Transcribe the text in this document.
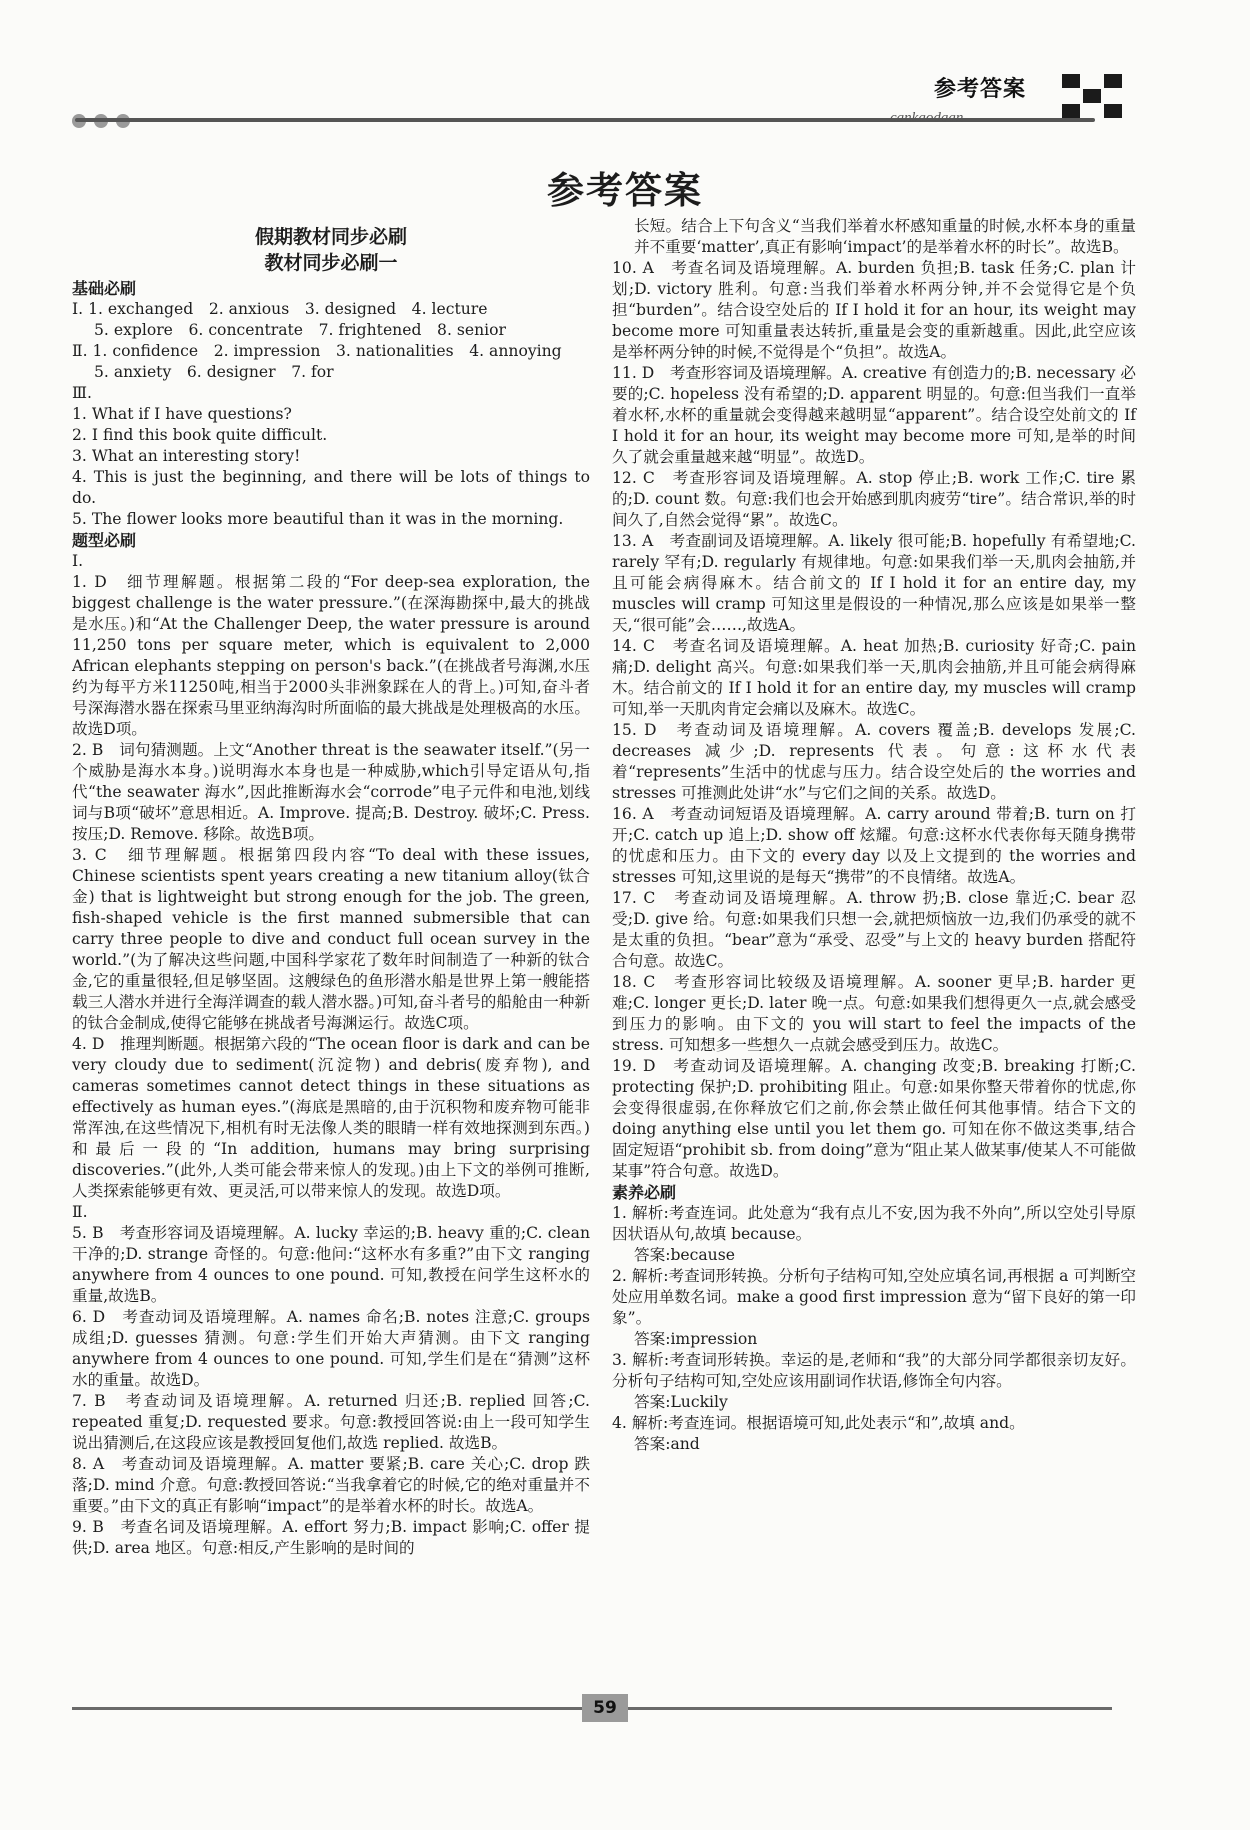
参考答案
cankaodaan
参考答案

假期教材同步必刷

教材同步必刷一

基础必刷

Ⅰ. 1. exchanged　2. anxious　3. designed　4. lecture

5. explore　6. concentrate　7. frightened　8. senior

Ⅱ. 1. confidence　2. impression　3. nationalities　4. annoying

5. anxiety　6. designer　7. for

Ⅲ.

1. What if I have questions?

2. I find this book quite difficult.

3. What an interesting story!

4. This is just the beginning, and there will be lots of things to do.

5. The flower looks more beautiful than it was in the morning.

题型必刷

Ⅰ.

1. D　细节理解题。根据第二段的“For deep-sea exploration, the biggest challenge is the water pressure.”(在深海勘探中,最大的挑战是水压。)和“At the Challenger Deep, the water pressure is around 11,250 tons per square meter, which is equivalent to 2,000 African elephants stepping on person's back.”(在挑战者号海渊,水压约为每平方米11250吨,相当于2000头非洲象踩在人的背上。)可知,奋斗者号深海潜水器在探索马里亚纳海沟时所面临的最大挑战是处理极高的水压。故选D项。

2. B　词句猜测题。上文“Another threat is the seawater itself.”(另一个威胁是海水本身。)说明海水本身也是一种威胁,which引导定语从句,指代“the seawater 海水”,因此推断海水会“corrode”电子元件和电池,划线词与B项“破坏”意思相近。A. Improve. 提高;B. Destroy. 破坏;C. Press. 按压;D. Remove. 移除。故选B项。

3. C　细节理解题。根据第四段内容“To deal with these issues, Chinese scientists spent years creating a new titanium alloy(钛合金) that is lightweight but strong enough for the job. The green, fish-shaped vehicle is the first manned submersible that can carry three people to dive and conduct full ocean survey in the world.”(为了解决这些问题,中国科学家花了数年时间制造了一种新的钛合金,它的重量很轻,但足够坚固。这艘绿色的鱼形潜水船是世界上第一艘能搭载三人潜水并进行全海洋调查的载人潜水器。)可知,奋斗者号的船舱由一种新的钛合金制成,使得它能够在挑战者号海渊运行。故选C项。

4. D　推理判断题。根据第六段的“The ocean floor is dark and can be very cloudy due to sediment(沉淀物) and debris(废弃物), and cameras sometimes cannot detect things in these situations as effectively as human eyes.”(海底是黑暗的,由于沉积物和废弃物可能非常浑浊,在这些情况下,相机有时无法像人类的眼睛一样有效地探测到东西。)和最后一段的“In addition, humans may bring surprising discoveries.”(此外,人类可能会带来惊人的发现。)由上下文的举例可推断,人类探索能够更有效、更灵活,可以带来惊人的发现。故选D项。

Ⅱ.

5. B　考查形容词及语境理解。A. lucky 幸运的;B. heavy 重的;C. clean 干净的;D. strange 奇怪的。句意:他问:“这杯水有多重?”由下文 ranging anywhere from 4 ounces to one pound. 可知,教授在问学生这杯水的重量,故选B。

6. D　考查动词及语境理解。A. names 命名;B. notes 注意;C. groups 成组;D. guesses 猜测。句意:学生们开始大声猜测。由下文 ranging anywhere from 4 ounces to one pound. 可知,学生们是在“猜测”这杯水的重量。故选D。

7. B　考查动词及语境理解。A. returned 归还;B. replied 回答;C. repeated 重复;D. requested 要求。句意:教授回答说:由上一段可知学生说出猜测后,在这段应该是教授回复他们,故选 replied. 故选B。

8. A　考查动词及语境理解。A. matter 要紧;B. care 关心;C. drop 跌落;D. mind 介意。句意:教授回答说:“当我拿着它的时候,它的绝对重量并不重要。”由下文的真正有影响“impact”的是举着水杯的时长。故选A。

9. B　考查名词及语境理解。A. effort 努力;B. impact 影响;C. offer 提供;D. area 地区。句意:相反,产生影响的是时间的

长短。结合上下句含义“当我们举着水杯感知重量的时候,水杯本身的重量并不重要‘matter’,真正有影响‘impact’的是举着水杯的时长”。故选B。

10. A　考查名词及语境理解。A. burden 负担;B. task 任务;C. plan 计划;D. victory 胜利。句意:当我们举着水杯两分钟,并不会觉得它是个负担“burden”。结合设空处后的 If I hold it for an hour, its weight may become more 可知重量表达转折,重量是会变的重新越重。因此,此空应该是举杯两分钟的时候,不觉得是个“负担”。故选A。

11. D　考查形容词及语境理解。A. creative 有创造力的;B. necessary 必要的;C. hopeless 没有希望的;D. apparent 明显的。句意:但当我们一直举着水杯,水杯的重量就会变得越来越明显“apparent”。结合设空处前文的 If I hold it for an hour, its weight may become more 可知,是举的时间久了就会重量越来越“明显”。故选D。

12. C　考查形容词及语境理解。A. stop 停止;B. work 工作;C. tire 累的;D. count 数。句意:我们也会开始感到肌肉疲劳“tire”。结合常识,举的时间久了,自然会觉得“累”。故选C。

13. A　考查副词及语境理解。A. likely 很可能;B. hopefully 有希望地;C. rarely 罕有;D. regularly 有规律地。句意:如果我们举一天,肌肉会抽筋,并且可能会病得麻木。结合前文的 If I hold it for an entire day, my muscles will cramp 可知这里是假设的一种情况,那么应该是如果举一整天,“很可能”会……,故选A。

14. C　考查名词及语境理解。A. heat 加热;B. curiosity 好奇;C. pain 痛;D. delight 高兴。句意:如果我们举一天,肌肉会抽筋,并且可能会病得麻木。结合前文的 If I hold it for an entire day, my muscles will cramp 可知,举一天肌肉肯定会痛以及麻木。故选C。

15. D　考查动词及语境理解。A. covers 覆盖;B. develops 发展;C. decreases 减少;D. represents 代表。句意:这杯水代表着“represents”生活中的忧虑与压力。结合设空处后的 the worries and stresses 可推测此处讲“水”与它们之间的关系。故选D。

16. A　考查动词短语及语境理解。A. carry around 带着;B. turn on 打开;C. catch up 追上;D. show off 炫耀。句意:这杯水代表你每天随身携带的忧虑和压力。由下文的 every day 以及上文提到的 the worries and stresses 可知,这里说的是每天“携带”的不良情绪。故选A。

17. C　考查动词及语境理解。A. throw 扔;B. close 靠近;C. bear 忍受;D. give 给。句意:如果我们只想一会,就把烦恼放一边,我们仍承受的就不是太重的负担。“bear”意为“承受、忍受”与上文的 heavy burden 搭配符合句意。故选C。

18. C　考查形容词比较级及语境理解。A. sooner 更早;B. harder 更难;C. longer 更长;D. later 晚一点。句意:如果我们想得更久一点,就会感受到压力的影响。由下文的 you will start to feel the impacts of the stress. 可知想多一些想久一点就会感受到压力。故选C。

19. D　考查动词及语境理解。A. changing 改变;B. breaking 打断;C. protecting 保护;D. prohibiting 阻止。句意:如果你整天带着你的忧虑,你会变得很虚弱,在你释放它们之前,你会禁止做任何其他事情。结合下文的 doing anything else until you let them go. 可知在你不做这类事,结合固定短语“prohibit sb. from doing”意为“阻止某人做某事/使某人不可能做某事”符合句意。故选D。

素养必刷

1. 解析:考查连词。此处意为“我有点儿不安,因为我不外向”,所以空处引导原因状语从句,故填 because。

答案:because

2. 解析:考查词形转换。分析句子结构可知,空处应填名词,再根据 a 可判断空处应用单数名词。make a good first impression 意为“留下良好的第一印象”。

答案:impression

3. 解析:考查词形转换。幸运的是,老师和“我”的大部分同学都很亲切友好。分析句子结构可知,空处应该用副词作状语,修饰全句内容。

答案:Luckily

4. 解析:考查连词。根据语境可知,此处表示“和”,故填 and。

答案:and

59
